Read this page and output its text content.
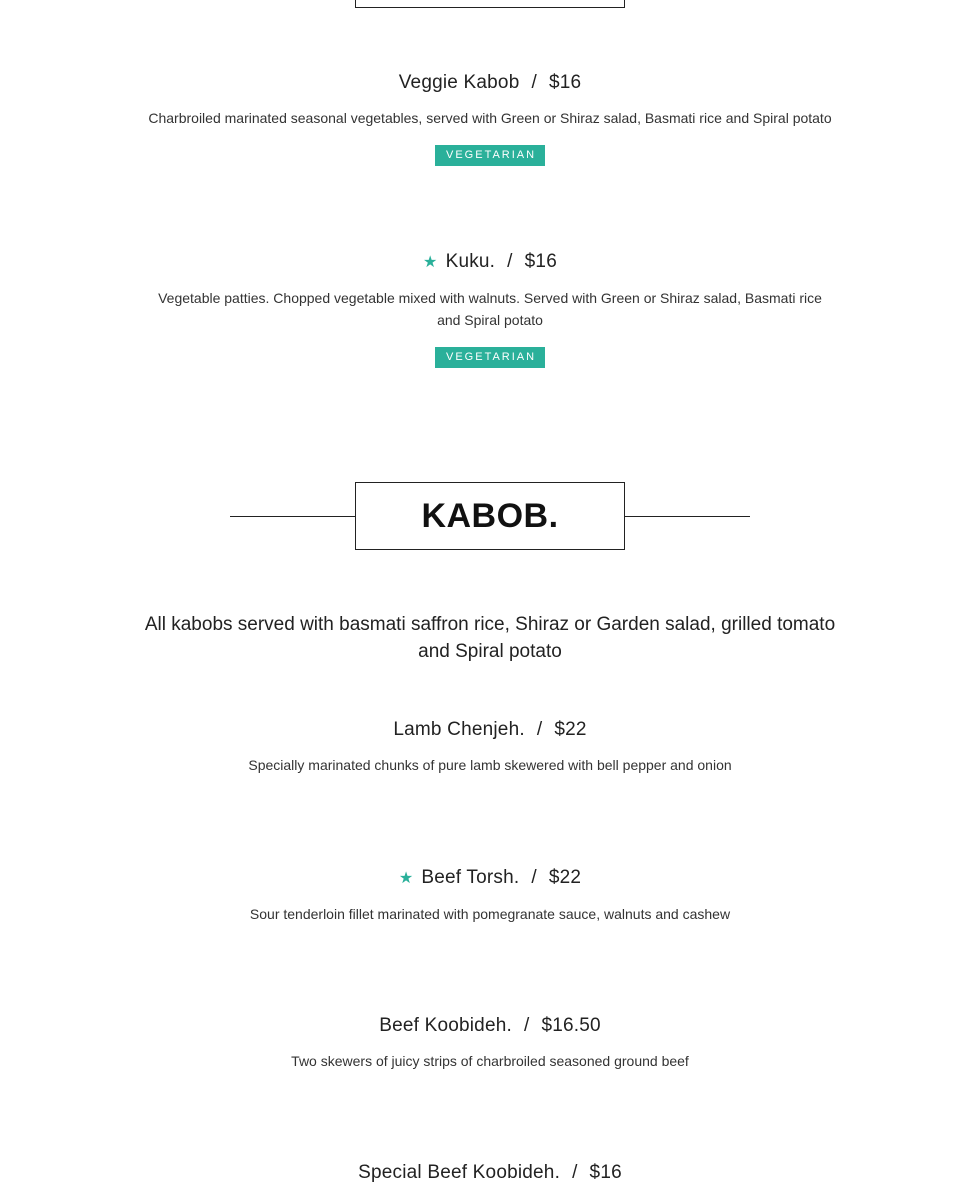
Veggie Kabob / $16
Charbroiled marinated seasonal vegetables, served with Green or Shiraz salad, Basmati rice and Spiral potato
VEGETARIAN
★ Kuku. / $16
Vegetable patties. Chopped vegetable mixed with walnuts. Served with Green or Shiraz salad, Basmati rice and Spiral potato
VEGETARIAN
KABOB.
All kabobs served with basmati saffron rice, Shiraz or Garden salad, grilled tomato and Spiral potato
Lamb Chenjeh. / $22
Specially marinated chunks of pure lamb skewered with bell pepper and onion
★ Beef Torsh. / $22
Sour tenderloin fillet marinated with pomegranate sauce, walnuts and cashew
Beef Koobideh. / $16.50
Two skewers of juicy strips of charbroiled seasoned ground beef
Special Beef Koobideh. / $16
